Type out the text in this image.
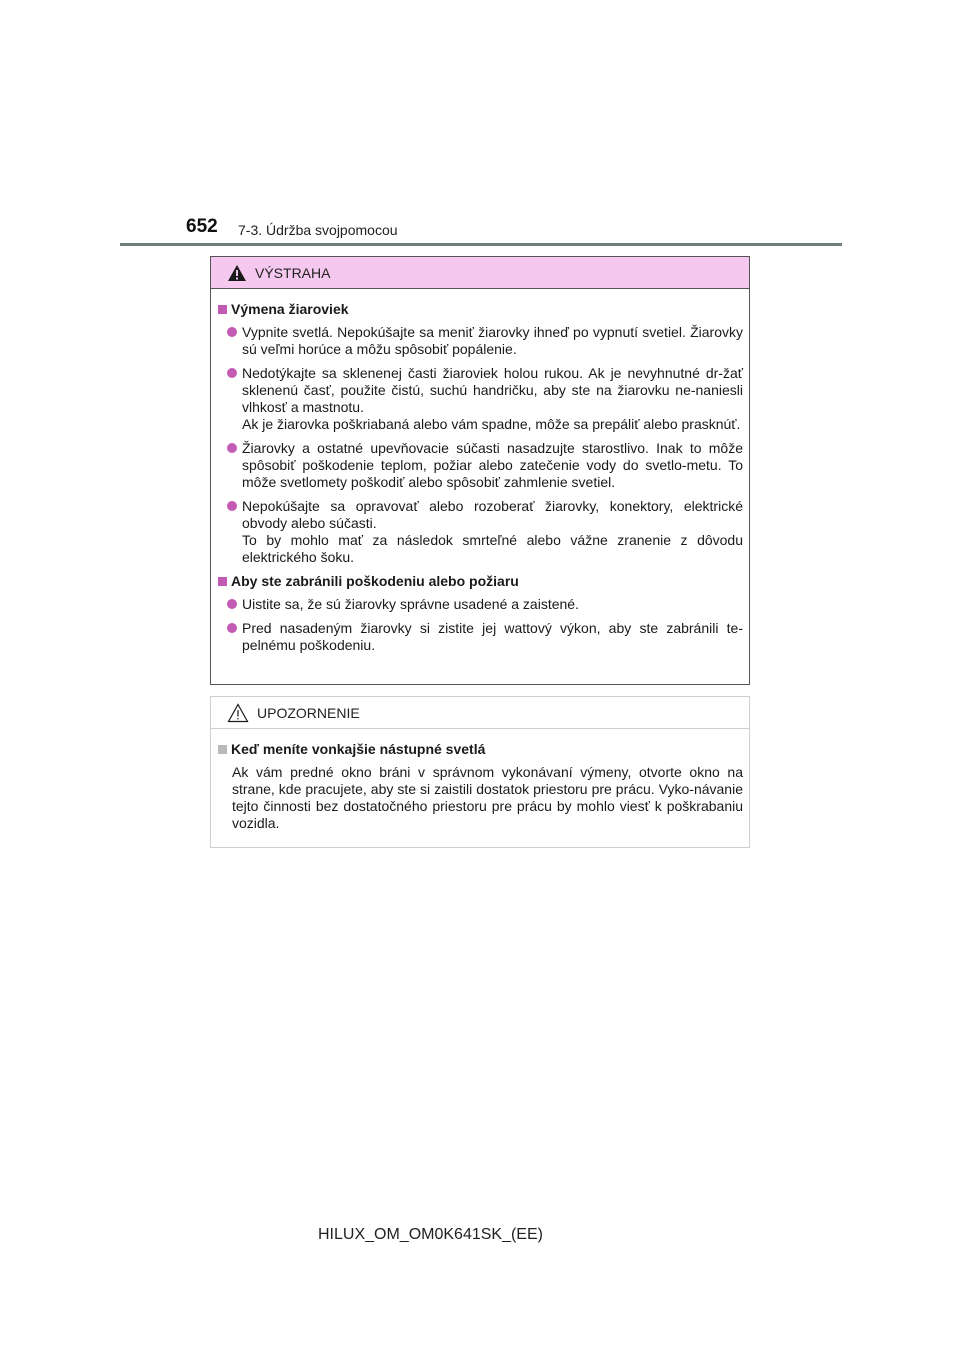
652 7-3. Údržba svojpomocou
VÝSTRAHA
Výmena žiaroviek
Vypnite svetlá. Nepokúšajte sa meniť žiarovky ihneď po vypnutí svetiel. Žiarovky sú veľmi horúce a môžu spôsobiť popálenie.
Nedotýkajte sa sklenenej časti žiaroviek holou rukou. Ak je nevyhnutné dr-žať sklenenú časť, použite čistú, suchú handričku, aby ste na žiarovku ne-naniesli vlhkosť a mastnotu.
Ak je žiarovka poškriabaná alebo vám spadne, môže sa prepáliť alebo prasknúť.
Žiarovky a ostatné upevňovacie súčasti nasadzujte starostlivo. Inak to môže spôsobiť poškodenie teplom, požiar alebo zatečenie vody do svetlo-metu. To môže svetlomety poškodiť alebo spôsobiť zahmlenie svetiel.
Nepokúšajte sa opravovať alebo rozoberať žiarovky, konektory, elektrické obvody alebo súčasti.
To by mohlo mať za následok smrteľné alebo vážne zranenie z dôvodu elektrického šoku.
Aby ste zabránili poškodeniu alebo požiaru
Uistite sa, že sú žiarovky správne usadené a zaistené.
Pred nasadeným žiarovky si zistite jej wattový výkon, aby ste zabránili te-pelnému poškodeniu.
UPOZORNENIE
Keď meníte vonkajšie nástupné svetlá
Ak vám predné okno bráni v správnom vykonávaní výmeny, otvorte okno na strane, kde pracujete, aby ste si zaistili dostatok priestoru pre prácu. Vyko-návanie tejto činnosti bez dostatočného priestoru pre prácu by mohlo viesť k poškrabaniu vozidla.
HILUX_OM_OM0K641SK_(EE)
